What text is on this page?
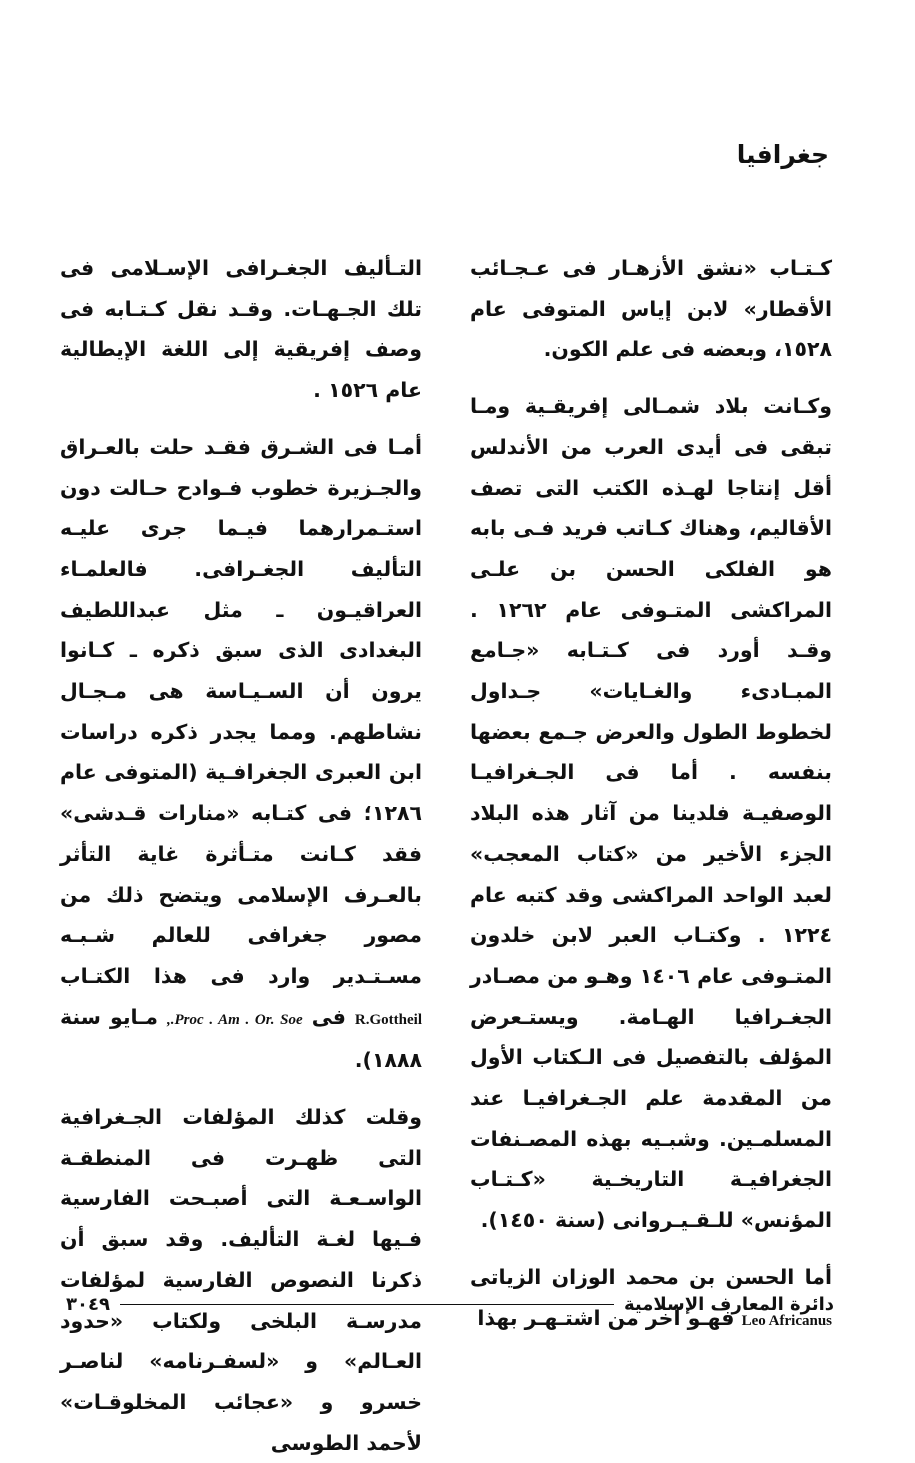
جغرافيا

كـتـاب «نشق الأزهـار فى عـجـائب الأقطار» لابن إياس المتوفى عام ١٥٢٨، وبعضه فى علم الكون.

وكـانت بلاد شمـالى إفريقـية ومـا تبقى فى أيدى العرب من الأندلس أقل إنتاجا لهـذه الكتب التى تصف الأقاليم، وهناك كـاتب فريد فـى بابه هو الفلكى الحسن بن علـى المراكشى المتـوفى عام ١٢٦٢ . وقـد أورد فى كـتـابه «جـامع المبـادىء والغـايات» جـداول لخطوط الطول والعرض جـمع بعضها بنفسه . أما فى الجـغرافيـا الوصفيـة فلدينا من آثار هذه البلاد الجزء الأخير من «كتاب المعجب» لعبد الواحد المراكشى وقد كتبه عام ١٢٢٤ . وكتـاب العبر لابن خلدون المتـوفى عام ١٤٠٦ وهـو من مصـادر الجغـرافيا الهـامة. ويستـعرض المؤلف بالتفصيل فى الـكتاب الأول من المقدمة علم الجـغرافيـا عند المسلمـين. وشبـيه بهذه المصـنفات الجغرافيـة التاريخـية «كـتـاب المؤنس» للـقـيـروانى (سنة ١٤٥٠).

أما الحسن بن محمد الوزان الزياتى Leo Africanus فهـو آخر من اشتـهـر بهذا

التـأليف الجغـرافى الإسـلامى فى تلك الجـهـات. وقـد نقل كـتـابه فى وصف إفريقية إلى اللغة الإيطالية عام ١٥٢٦ .

أمـا فى الشـرق فقـد حلت بالعـراق والجـزيرة خطوب فـوادح حـالت دون استـمرارهما فيـما جرى عليـه التأليف الجغـرافى. فالعلمـاء العراقيـون ـ مثل عبداللطيف البغدادى الذى سبق ذكره ـ كـانوا يرون أن السـيـاسة هى مـجـال نشاطهم. ومما يجدر ذكره دراسات ابن العبرى الجغرافـية (المتوفى عام ١٢٨٦؛ فى كتـابه «منارات قـدشى» فقد كـانت متـأثرة غاية التأثر بالعـرف الإسلامى ويتضح ذلك من مصور جغرافى للعالم شـبـه مسـتـدير وارد فى هذا الكتـاب R.Gottheil فى Proc . Am . Or. Soe., مـايو سنة ١٨٨٨).

وقلت كذلك المؤلفات الجـغرافية التى ظهـرت فى المنطقـة الواسـعـة التى أصبـحت الفارسية فـيها لغـة التأليف. وقد سبق أن ذكرنا النصوص الفارسية لمؤلفات مدرسـة البلخى ولكتاب «حدود العـالم» و «لسفـرنامه» لناصـر خسرو و «عجائب المخلوقـات» لأحمد الطوسى

دائرة المعارف الإسلامية
٣٠٤٩
